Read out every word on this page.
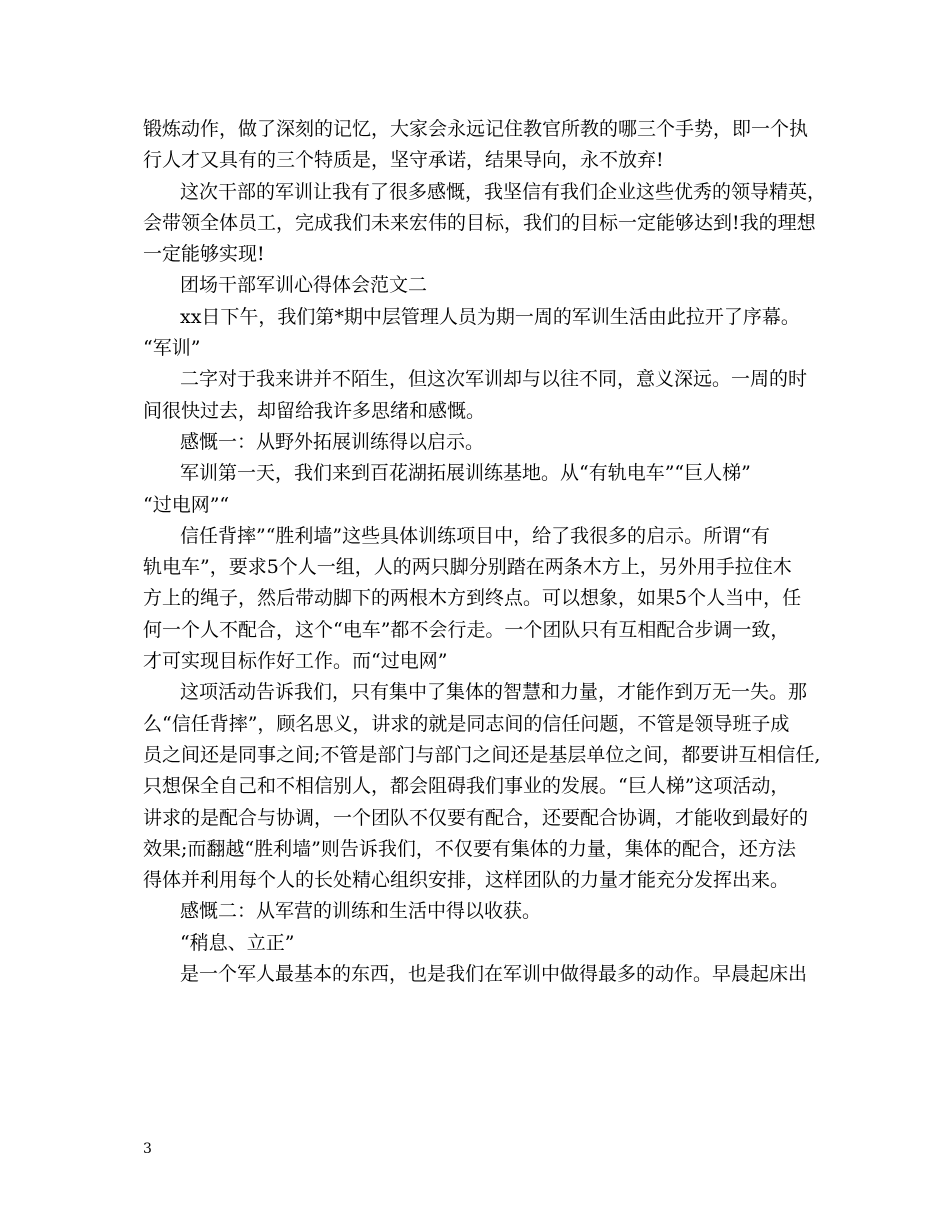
锻炼动作，做了深刻的记忆，大家会永远记住教官所教的哪三个手势，即一个执
行人才又具有的三个特质是，坚守承诺，结果导向，永不放弃!
这次干部的军训让我有了很多感慨，我坚信有我们企业这些优秀的领导精英，
会带领全体员工，完成我们未来宏伟的目标，我们的目标一定能够达到!我的理想
一定能够实现!
团场干部军训心得体会范文二
xx日下午，我们第*期中层管理人员为期一周的军训生活由此拉开了序幕。
“军训”
二字对于我来讲并不陌生，但这次军训却与以往不同，意义深远。一周的时
间很快过去，却留给我许多思绪和感慨。
感慨一：从野外拓展训练得以启示。
军训第一天，我们来到百花湖拓展训练基地。从“有轨电车”“巨人梯”
“过电网”“
信任背摔”“胜利墙”这些具体训练项目中，给了我很多的启示。所谓“有
轨电车”，要求5个人一组，人的两只脚分别踏在两条木方上，另外用手拉住木
方上的绳子，然后带动脚下的两根木方到终点。可以想象，如果5个人当中，任
何一个人不配合，这个“电车”都不会行走。一个团队只有互相配合步调一致，
才可实现目标作好工作。而“过电网”
这项活动告诉我们，只有集中了集体的智慧和力量，才能作到万无一失。那
么“信任背摔”，顾名思义，讲求的就是同志间的信任问题，不管是领导班子成
员之间还是同事之间;不管是部门与部门之间还是基层单位之间，都要讲互相信任,
只想保全自己和不相信别人，都会阻碍我们事业的发展。“巨人梯”这项活动，
讲求的是配合与协调，一个团队不仅要有配合，还要配合协调，才能收到最好的
效果;而翻越“胜利墙”则告诉我们，不仅要有集体的力量，集体的配合，还方法
得体并利用每个人的长处精心组织安排，这样团队的力量才能充分发挥出来。
感慨二：从军营的训练和生活中得以收获。
“稍息、立正”
是一个军人最基本的东西，也是我们在军训中做得最多的动作。早晨起床出
3
